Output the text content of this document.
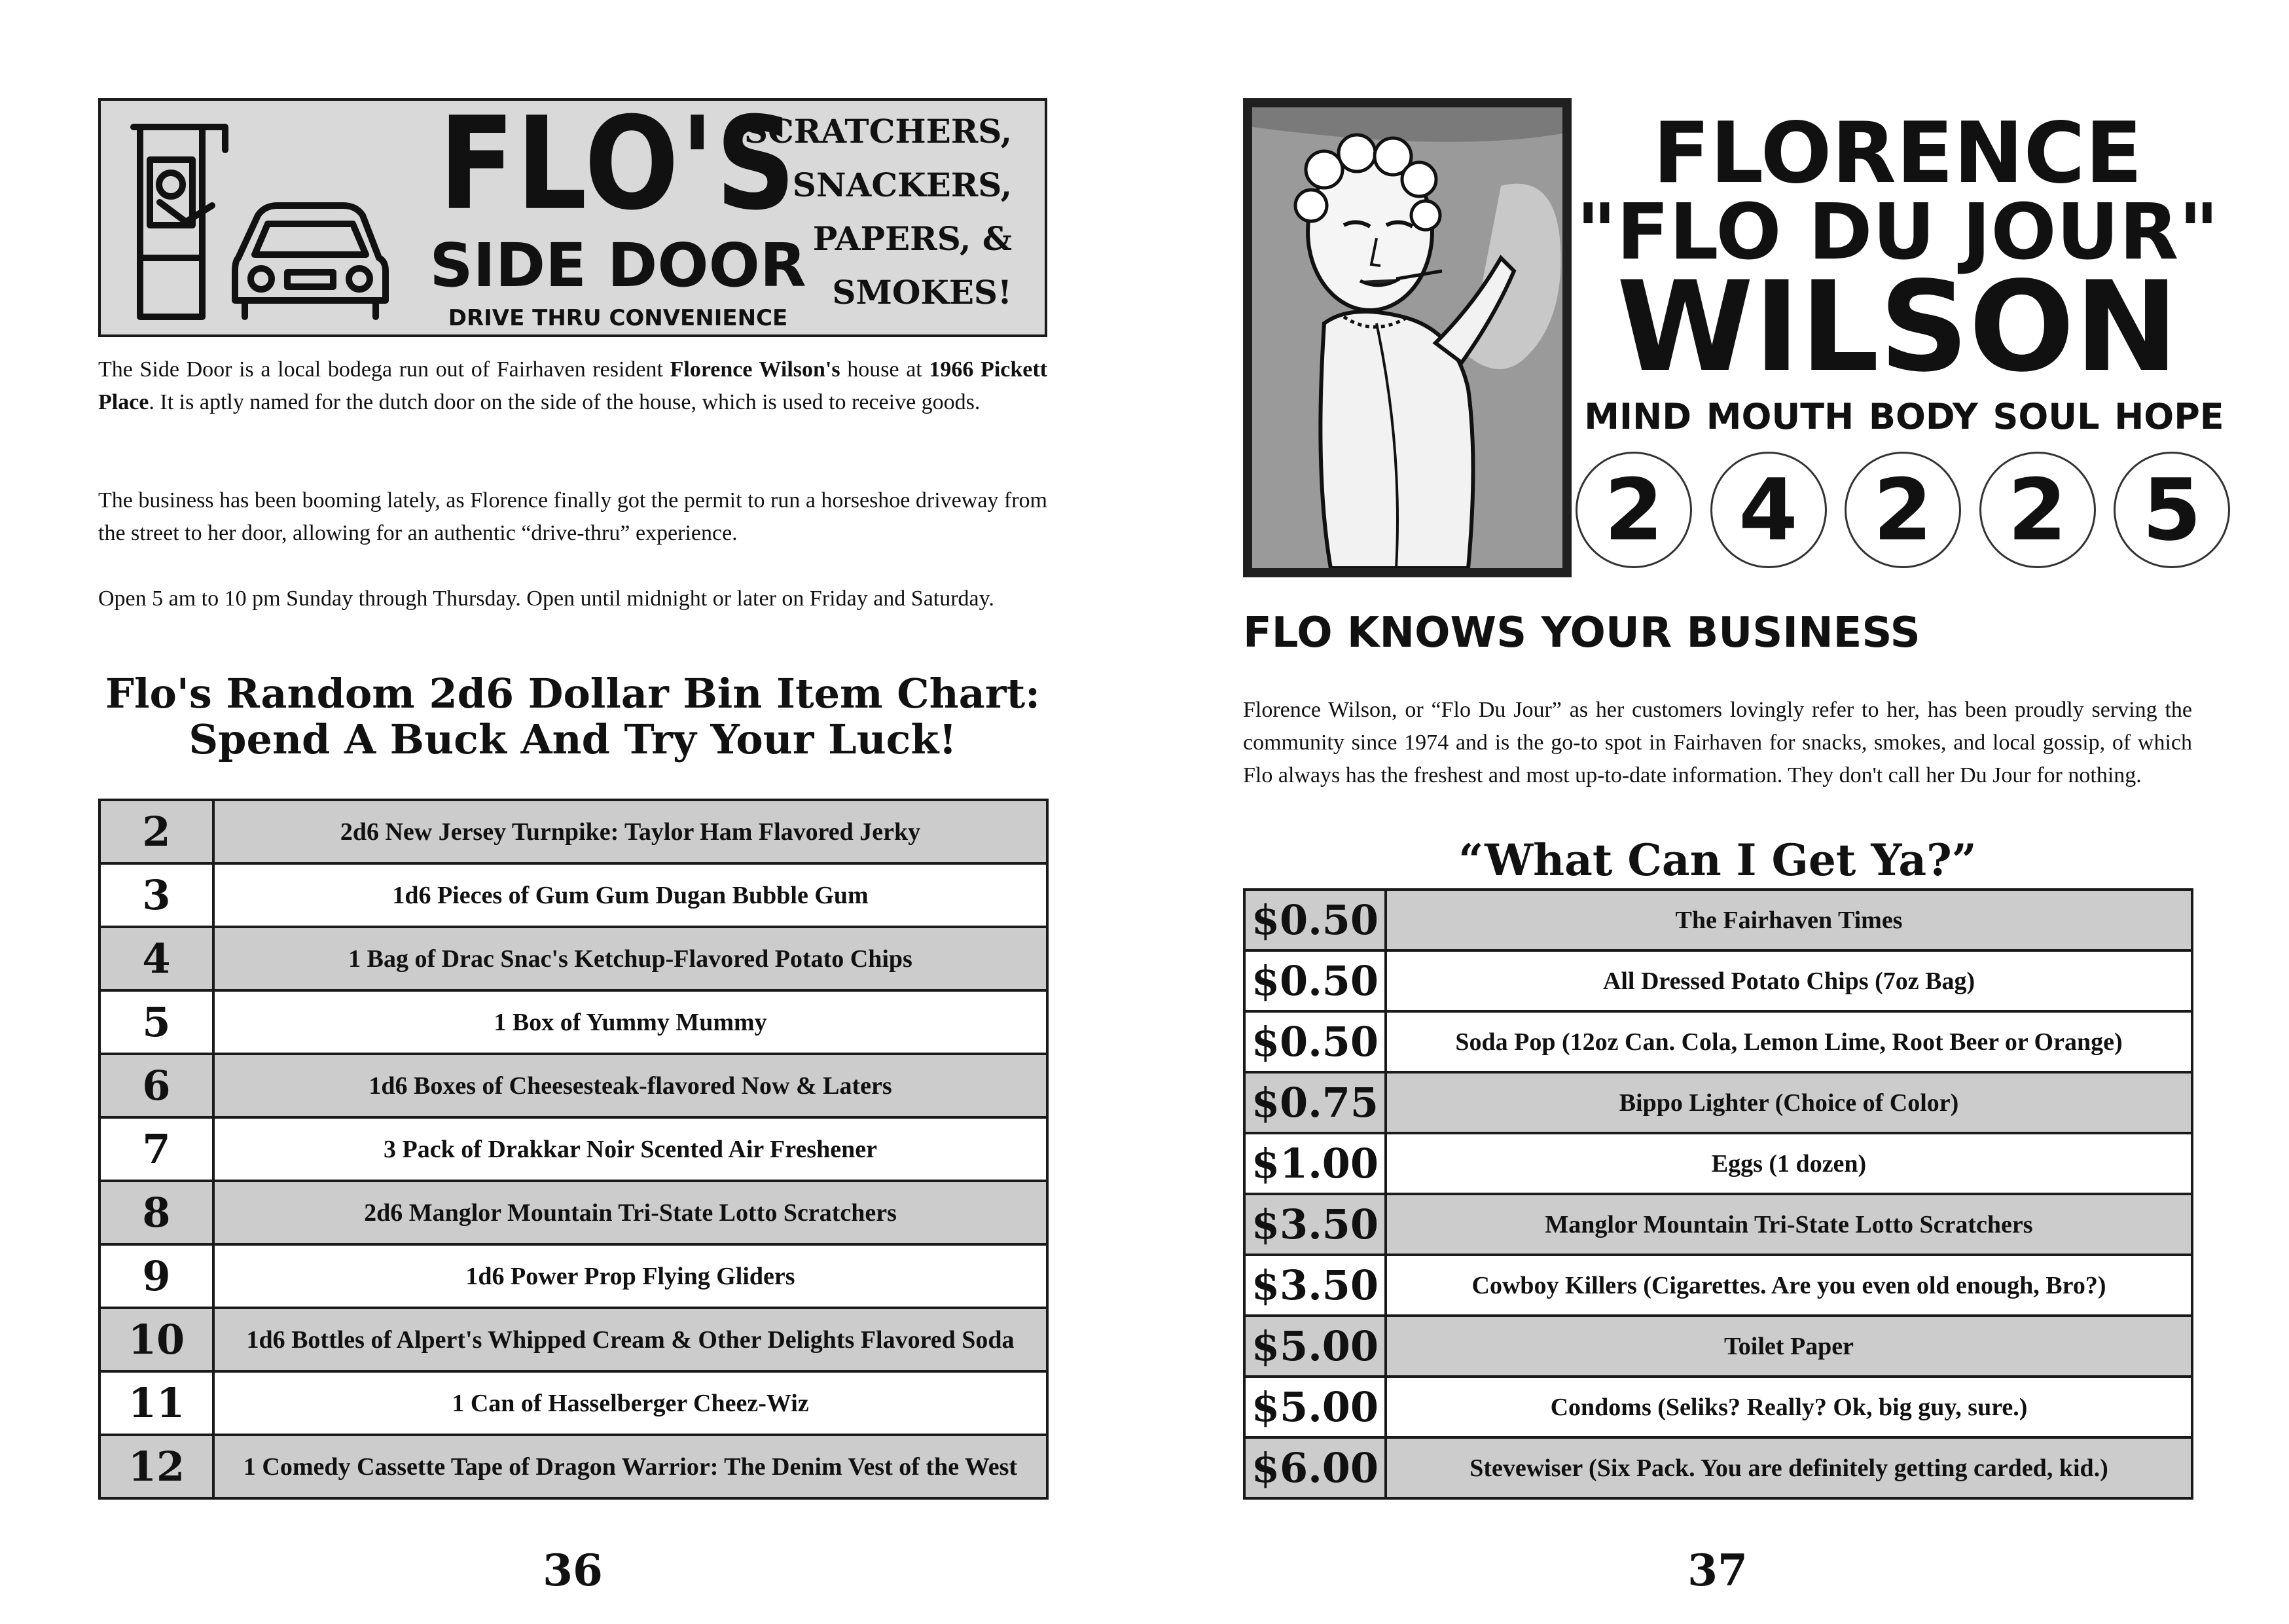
FLO'S
SIDE DOOR
DRIVE THRU CONVENIENCE
SCRATCHERS,
SNACKERS,
PAPERS, &
SMOKES!
The Side Door is a local bodega run out of Fairhaven resident Florence Wilson's house at 1966 Pickett Place. It is aptly named for the dutch door on the side of the house, which is used to receive goods.
The business has been booming lately, as Florence finally got the permit to run a horseshoe driveway from the street to her door, allowing for an authentic “drive-thru” experience.
Open 5 am to 10 pm Sunday through Thursday. Open until midnight or later on Friday and Saturday.
Flo's Random 2d6 Dollar Bin Item Chart:
Spend A Buck And Try Your Luck!
2	2d6 New Jersey Turnpike: Taylor Ham Flavored Jerky
3	1d6 Pieces of Gum Gum Dugan Bubble Gum
4	1 Bag of Drac Snac's Ketchup-Flavored Potato Chips
5	1 Box of Yummy Mummy
6	1d6 Boxes of Cheesesteak-flavored Now & Laters
7	3 Pack of Drakkar Noir Scented Air Freshener
8	2d6 Manglor Mountain Tri-State Lotto Scratchers
9	1d6 Power Prop Flying Gliders
10	1d6 Bottles of Alpert's Whipped Cream & Other Delights Flavored Soda
11	1 Can of Hasselberger Cheez-Wiz
12	1 Comedy Cassette Tape of Dragon Warrior: The Denim Vest of the West
36
FLORENCE
"FLO DU JOUR"
WILSON
MIND MOUTH BODY SOUL HOPE
2 4 2 2 5
FLO KNOWS YOUR BUSINESS
Florence Wilson, or “Flo Du Jour” as her customers lovingly refer to her, has been proudly serving the community since 1974 and is the go-to spot in Fairhaven for snacks, smokes, and local gossip, of which Flo always has the freshest and most up-to-date information. They don't call her Du Jour for nothing.
“What Can I Get Ya?”
$0.50	The Fairhaven Times
$0.50	All Dressed Potato Chips (7oz Bag)
$0.50	Soda Pop (12oz Can. Cola, Lemon Lime, Root Beer or Orange)
$0.75	Bippo Lighter (Choice of Color)
$1.00	Eggs (1 dozen)
$3.50	Manglor Mountain Tri-State Lotto Scratchers
$3.50	Cowboy Killers (Cigarettes. Are you even old enough, Bro?)
$5.00	Toilet Paper
$5.00	Condoms (Seliks? Really? Ok, big guy, sure.)
$6.00	Stevewiser (Six Pack. You are definitely getting carded, kid.)
37
